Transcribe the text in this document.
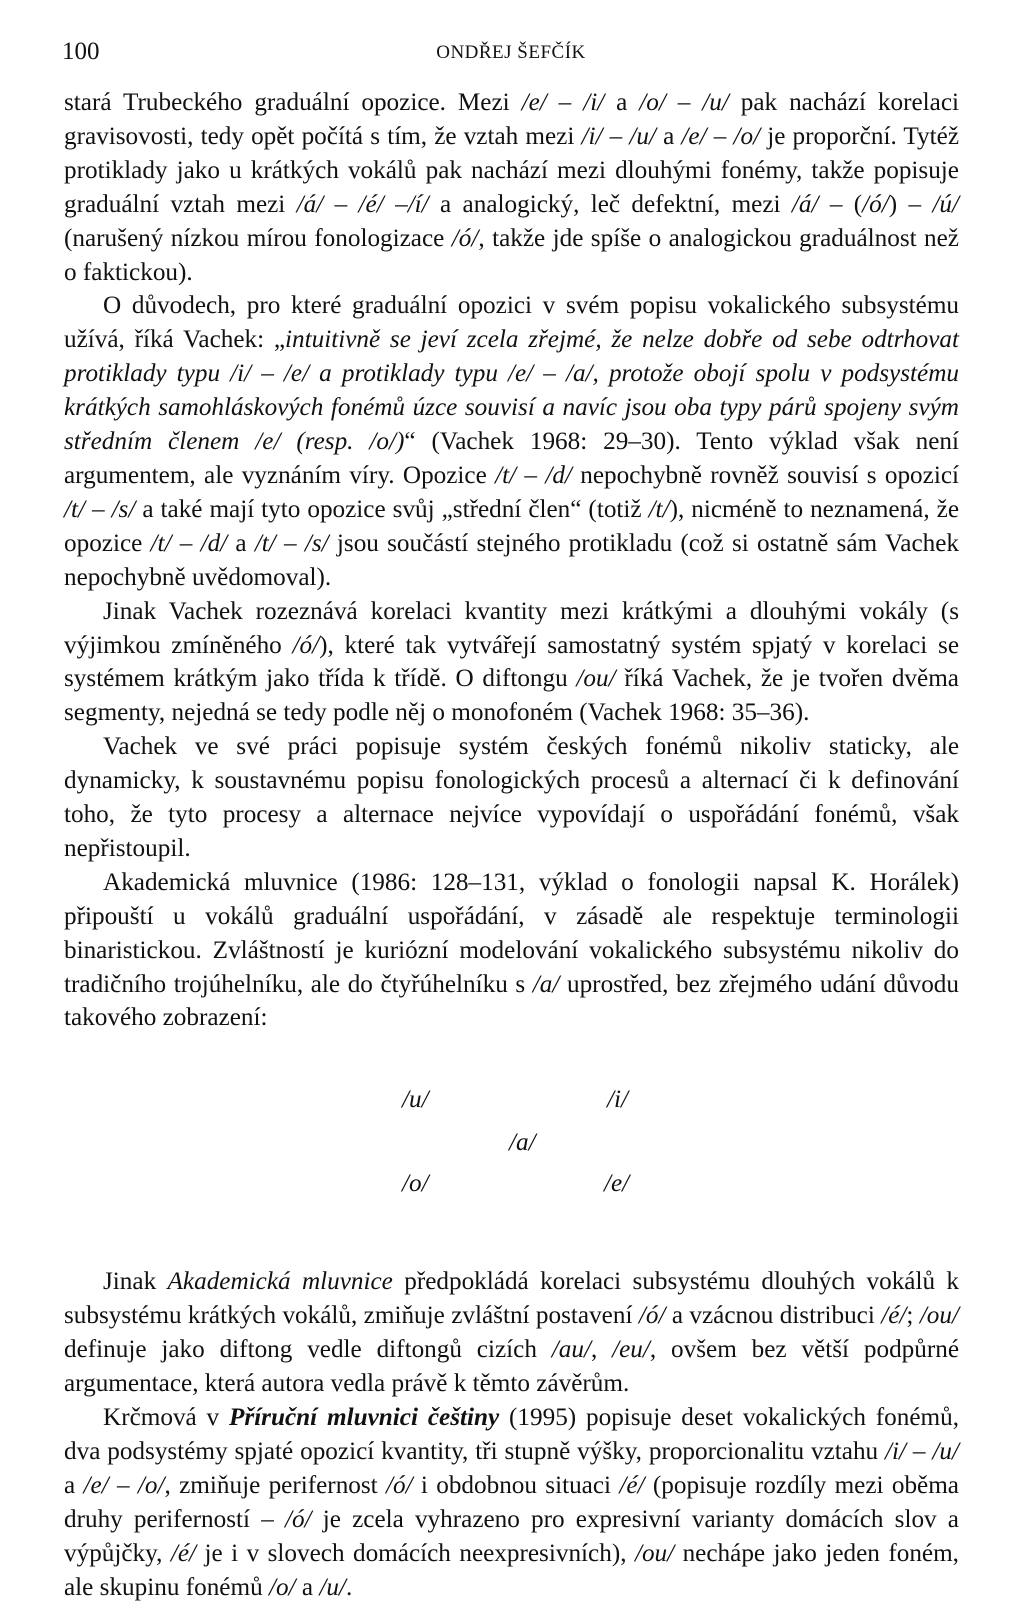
100	ONDŘEJ ŠEFČÍK

stará Trubeckého graduální opozice. Mezi /e/ – /i/ a /o/ – /u/ pak nachází korelaci gravisovosti, tedy opět počítá s tím, že vztah mezi /i/ – /u/ a /e/ – /o/ je proporční. Tytéž protiklady jako u krátkých vokálů pak nachází mezi dlouhými fonémy, takže popisuje graduální vztah mezi /á/ – /é/ –/í/ a analogický, leč defektní, mezi /á/ – (/ó/) – /ú/ (narušený nízkou mírou fonologizace /ó/, takže jde spíše o analogickou graduálnost než o faktickou).

O důvodech, pro které graduální opozici v svém popisu vokalického subsystému užívá, říká Vachek: „intuitivně se jeví zcela zřejmé, že nelze dobře od sebe odtrhovat protiklady typu /i/ – /e/ a protiklady typu /e/ – /a/, protože obojí spolu v podsystému krátkých samohláskových fonémů úzce souvisí a navíc jsou oba typy párů spojeny svým středním členem /e/ (resp. /o/)“ (Vachek 1968: 29–30). Tento výklad však není argumentem, ale vyznáním víry. Opozice /t/ – /d/ nepochybně rovněž souvisí s opozicí /t/ – /s/ a také mají tyto opozice svůj „střední člen“ (totiž /t/), nicméně to neznamená, že opozice /t/ – /d/ a /t/ – /s/ jsou součástí stejného protikladu (což si ostatně sám Vachek nepochybně uvědomoval).

Jinak Vachek rozeznává korelaci kvantity mezi krátkými a dlouhými vokály (s výjimkou zmíněného /ó/), které tak vytvářejí samostatný systém spjatý v korelaci se systémem krátkým jako třída k třídě. O diftongu /ou/ říká Vachek, že je tvořen dvěma segmenty, nejedná se tedy podle něj o monofoném (Vachek 1968: 35–36).

Vachek ve své práci popisuje systém českých fonémů nikoliv staticky, ale dynamicky, k soustavnému popisu fonologických procesů a alternací či k definování toho, že tyto procesy a alternace nejvíce vypovídají o uspořádání fonémů, však nepřistoupil.

Akademická mluvnice (1986: 128–131, výklad o fonologii napsal K. Horálek) připouští u vokálů graduální uspořádání, v zásadě ale respektuje terminologii binaristickou. Zvláštností je kuriózní modelování vokalického subsystému nikoliv do tradičního trojúhelníku, ale do čtyřúhelníku s /a/ uprostřed, bez zřejmého udání důvodu takového zobrazení:

/u/	/i/
/a/
/o/	/e/

Jinak Akademická mluvnice předpokládá korelaci subsystému dlouhých vokálů k subsystému krátkých vokálů, zmiňuje zvláštní postavení /ó/ a vzácnou distribuci /é/; /ou/ definuje jako diftong vedle diftongů cizích /au/, /eu/, ovšem bez větší podpůrné argumentace, která autora vedla právě k těmto závěrům.

Krčmová v Příruční mluvnici češtiny (1995) popisuje deset vokalických fonémů, dva podsystémy spjaté opozicí kvantity, tři stupně výšky, proporcionalitu vztahu /i/ – /u/ a /e/ – /o/, zmiňuje perifernost /ó/ i obdobnou situaci /é/ (popisuje rozdíly mezi oběma druhy periferností – /ó/ je zcela vyhrazeno pro expresivní varianty domácích slov a výpůjčky, /é/ je i v slovech domácích neexpresivních), /ou/ nechápe jako jeden foném, ale skupinu fonémů /o/ a /u/.
